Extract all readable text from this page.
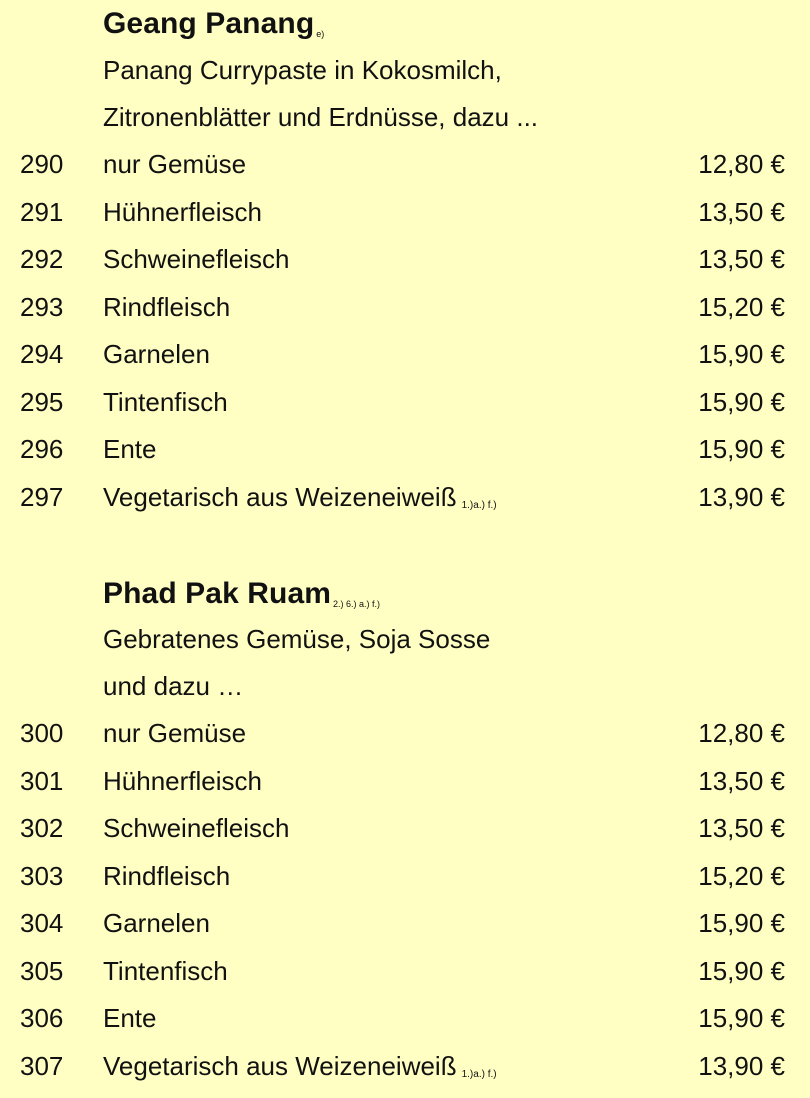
Geang Panang $_{e)}$
Panang Currypaste in Kokosmilch,
Zitronenblätter und Erdnüsse, dazu ...
290 nur Gemüse	12,80 €
291 Hühnerfleisch	13,50 €
292 Schweinefleisch	13,50 €
293 Rindfleisch	15,20 €
294 Garnelen	15,90 €
295 Tintenfisch	15,90 €
296 Ente	15,90 €
297 Vegetarisch aus Weizeneiweiß $_{1.)a.) f.)}$	13,90 €
Phad Pak Ruam $_{2.) 6.) a.) f.)}$
Gebratenes Gemüse, Soja Sosse
und dazu …
300 nur Gemüse	12,80 €
301 Hühnerfleisch	13,50 €
302 Schweinefleisch	13,50 €
303 Rindfleisch	15,20 €
304 Garnelen	15,90 €
305 Tintenfisch	15,90 €
306 Ente	15,90 €
307 Vegetarisch aus Weizeneiweiß $_{1.)a.) f.)}$	13,90 €
